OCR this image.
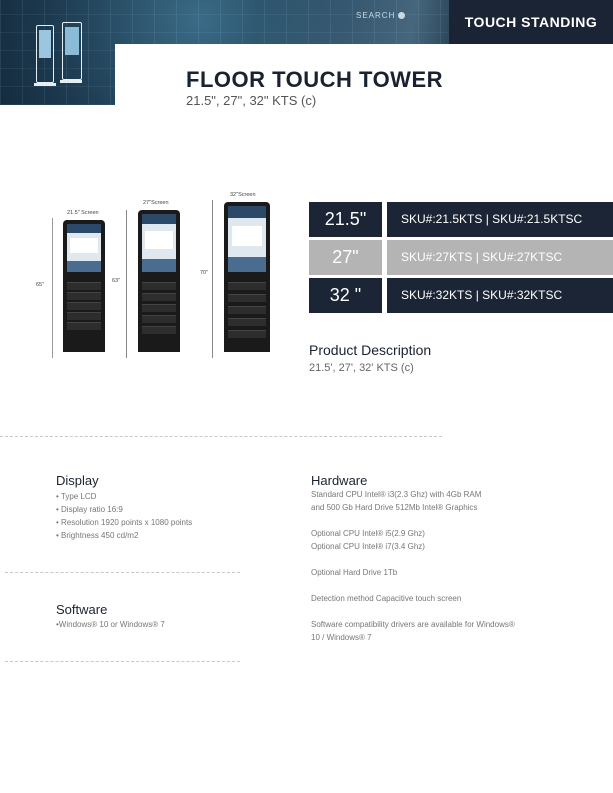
SEARCH	TOUCH STANDING
FLOOR TOUCH TOWER
21.5", 27", 32" KTS (c)
21.5" Screen
65"
27"Screen
63"
32"Screen
70"
21.5"	SKU#:21.5KTS | SKU#:21.5KTSC
27"	SKU#:27KTS | SKU#:27KTSC
32 "	SKU#:32KTS | SKU#:32KTSC
Product Description
21.5', 27', 32' KTS (c)
Display
• Type LCD
• Display ratio 16:9
• Resolution 1920 points x 1080 points
• Brightness 450 cd/m2
Software
•Windows® 10 or Windows® 7
Hardware
Standard CPU Intel® i3(2.3 Ghz) with 4Gb RAM
and 500 Gb Hard Drive 512Mb Intel® Graphics
Optional CPU Intel® i5(2.9 Ghz)
Optional CPU Intel® i7(3.4 Ghz)
Optional Hard Drive 1Tb
Detection method Capacitive touch screen
Software compatibility drivers are available for Windows®
10 / Windows® 7
